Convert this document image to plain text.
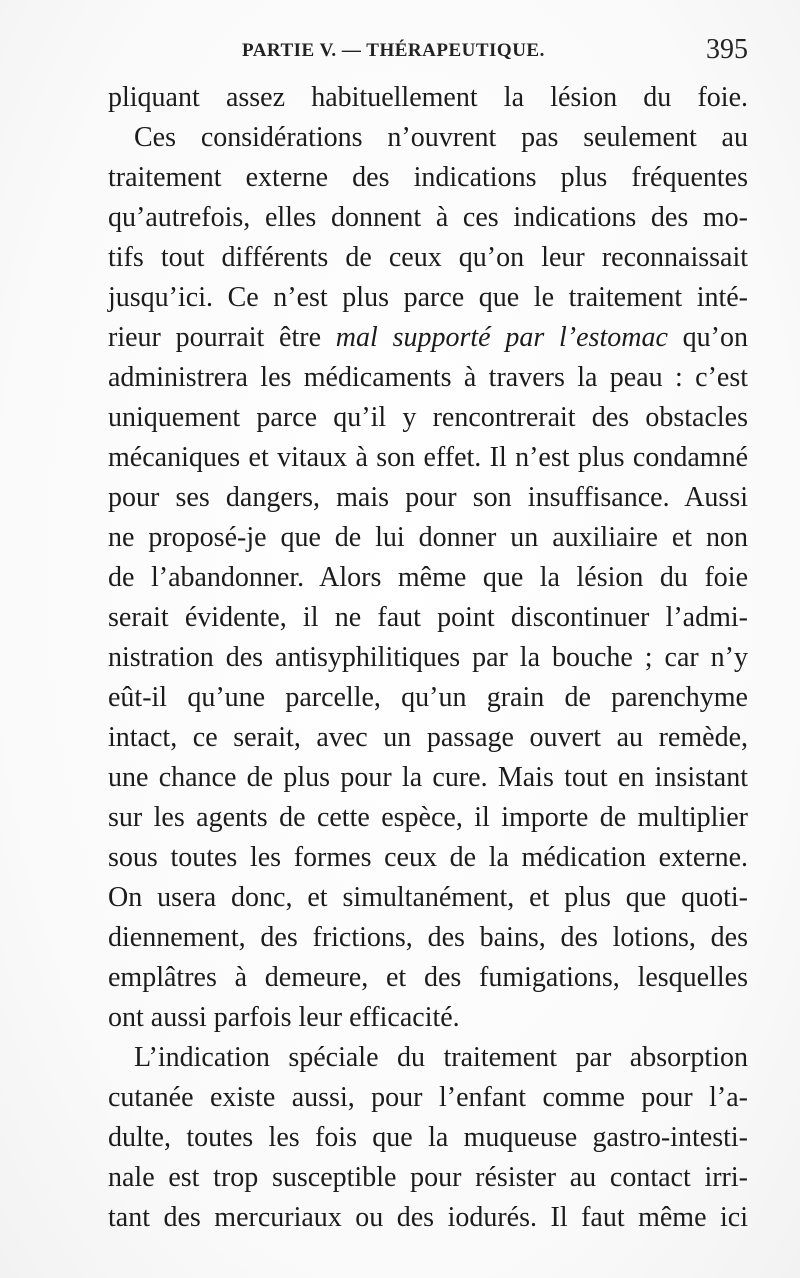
PARTIE V. — THÉRAPEUTIQUE.	395
pliquant assez habituellement la lésion du foie.
Ces considérations n’ouvrent pas seulement au
traitement externe des indications plus fréquentes
qu’autrefois, elles donnent à ces indications des mo-
tifs tout différents de ceux qu’on leur reconnaissait
jusqu’ici. Ce n’est plus parce que le traitement inté-
rieur pourrait être mal supporté par l’estomac qu’on
administrera les médicaments à travers la peau : c’est
uniquement parce qu’il y rencontrerait des obstacles
mécaniques et vitaux à son effet. Il n’est plus condamné
pour ses dangers, mais pour son insuffisance. Aussi
ne proposé-je que de lui donner un auxiliaire et non
de l’abandonner. Alors même que la lésion du foie
serait évidente, il ne faut point discontinuer l’admi-
nistration des antisyphilitiques par la bouche ; car n’y
eût-il qu’une parcelle, qu’un grain de parenchyme
intact, ce serait, avec un passage ouvert au remède,
une chance de plus pour la cure. Mais tout en insistant
sur les agents de cette espèce, il importe de multiplier
sous toutes les formes ceux de la médication externe.
On usera donc, et simultanément, et plus que quoti-
diennement, des frictions, des bains, des lotions, des
emplâtres à demeure, et des fumigations, lesquelles
ont aussi parfois leur efficacité.
L’indication spéciale du traitement par absorption
cutanée existe aussi, pour l’enfant comme pour l’a-
dulte, toutes les fois que la muqueuse gastro-intesti-
nale est trop susceptible pour résister au contact irri-
tant des mercuriaux ou des iodurés. Il faut même ici
